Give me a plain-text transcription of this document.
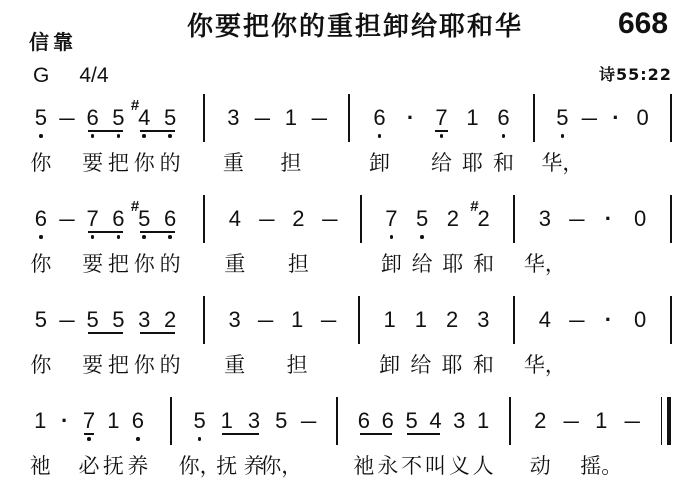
信靠	你要把你的重担卸给耶和华	668
G 4/4	诗55:22
5
你
— 6
要
5
把
#
4
你
5
的
3
重
— 1
担
—	6
卸
· 7
给
1
耶
6
和
5
华，
— · 0
6
你
— 7
要
6
把
#
5
你
6
的
4
重
— 2
担
—	7
卸
5
给
2
耶
#
2
和
3
华，
— · 0
5
你
— 5
要
5
把
3
你
2
的
3
重
— 1
担
—	1
卸
1
给
2
耶
3
和
4
华，
— · 0
1
祂
· 7
必
1
抚
6
养
5
你，
1
抚
3
养
5
你，
— 6
祂
6
永
5
不
4
叫
3
义
1
人
2
动
— 1
摇。
—
